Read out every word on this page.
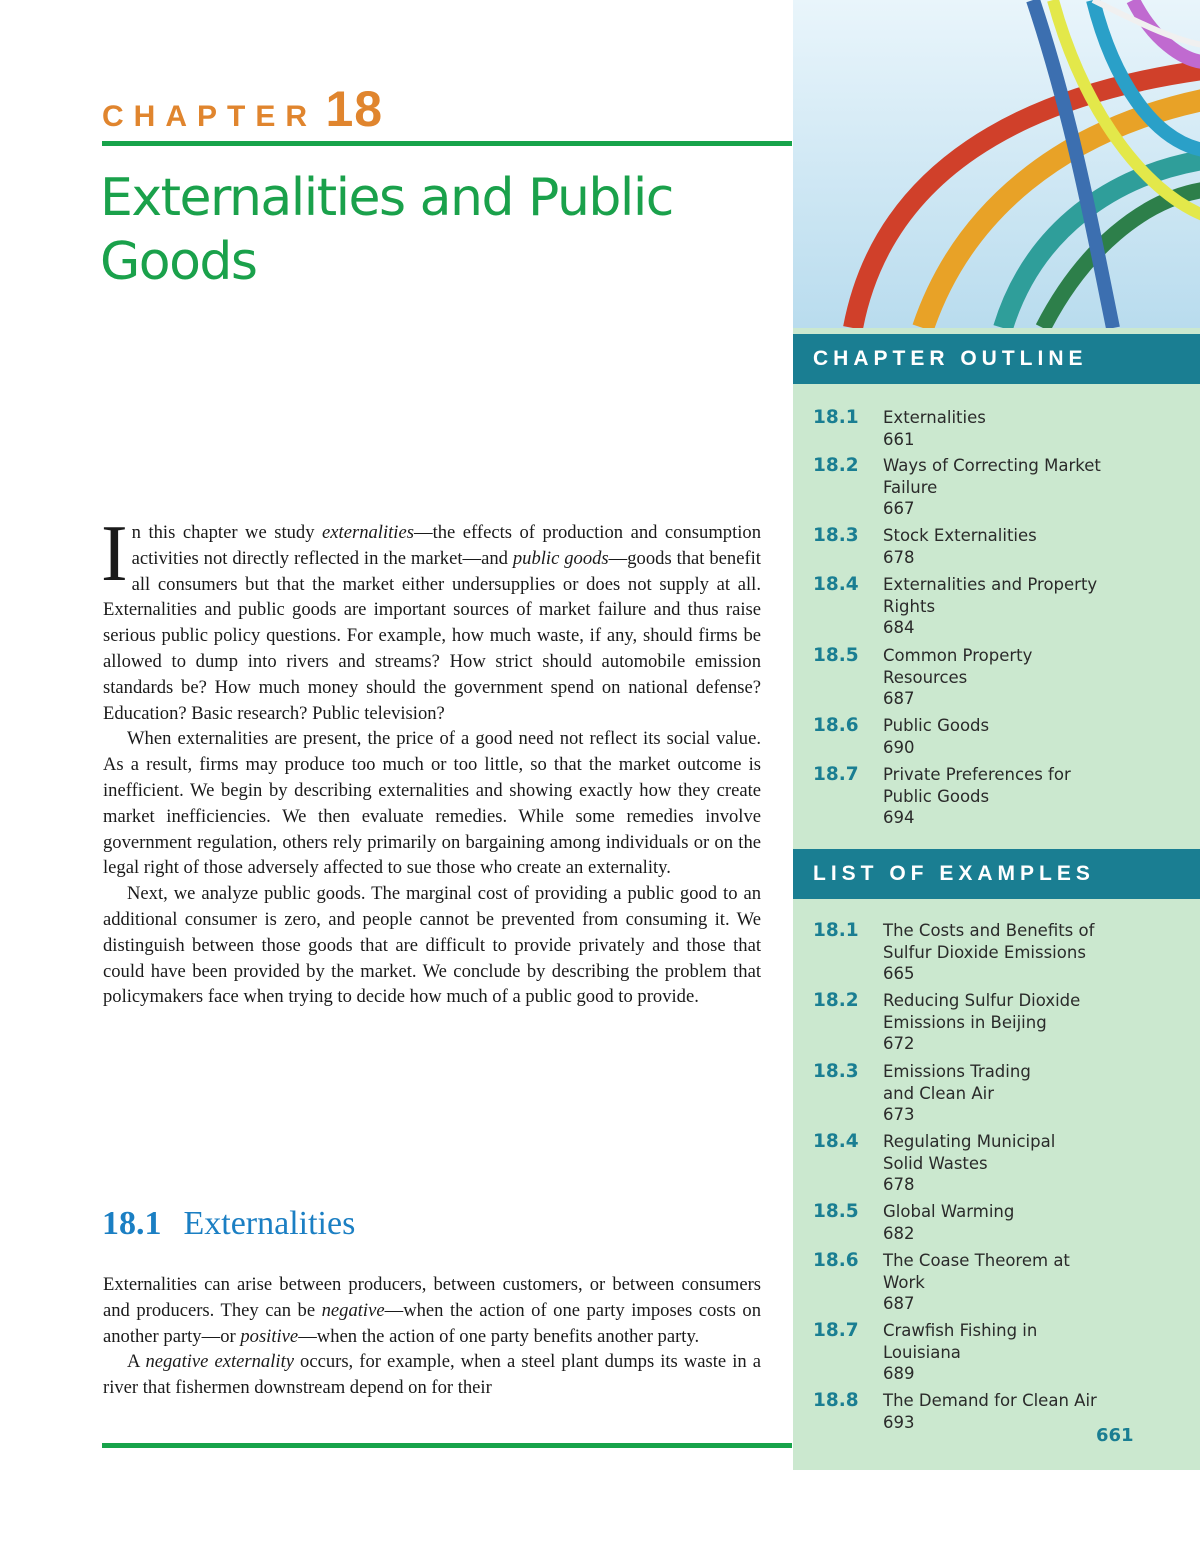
CHAPTER 18
Externalities and Public Goods

In this chapter we study externalities—the effects of production and consumption activities not directly reflected in the market—and public goods—goods that benefit all consumers but that the market either undersupplies or does not supply at all. Externalities and public goods are important sources of market failure and thus raise serious public policy questions. For example, how much waste, if any, should firms be allowed to dump into rivers and streams? How strict should automobile emission standards be? How much money should the government spend on national defense? Education? Basic research? Public television?

When externalities are present, the price of a good need not reflect its social value. As a result, firms may produce too much or too little, so that the market outcome is inefficient. We begin by describing externalities and showing exactly how they create market inefficiencies. We then evaluate remedies. While some remedies involve government regulation, others rely primarily on bargaining among individuals or on the legal right of those adversely affected to sue those who create an externality.

Next, we analyze public goods. The marginal cost of providing a public good to an additional consumer is zero, and people cannot be prevented from consuming it. We distinguish between those goods that are difficult to provide privately and those that could have been provided by the market. We conclude by describing the problem that policymakers face when trying to decide how much of a public good to provide.

18.1 Externalities

Externalities can arise between producers, between customers, or between consumers and producers. They can be negative—when the action of one party imposes costs on another party—or positive—when the action of one party benefits another party.

A negative externality occurs, for example, when a steel plant dumps its waste in a river that fishermen downstream depend on for their

CHAPTER OUTLINE
18.1 Externalities
661
18.2 Ways of Correcting Market Failure
667
18.3 Stock Externalities
678
18.4 Externalities and Property Rights
684
18.5 Common Property Resources
687
18.6 Public Goods
690
18.7 Private Preferences for Public Goods
694
LIST OF EXAMPLES
18.1 The Costs and Benefits of Sulfur Dioxide Emissions
665
18.2 Reducing Sulfur Dioxide Emissions in Beijing
672
18.3 Emissions Trading and Clean Air
673
18.4 Regulating Municipal Solid Wastes
678
18.5 Global Warming
682
18.6 The Coase Theorem at Work
687
18.7 Crawfish Fishing in Louisiana
689
18.8 The Demand for Clean Air
693
661
